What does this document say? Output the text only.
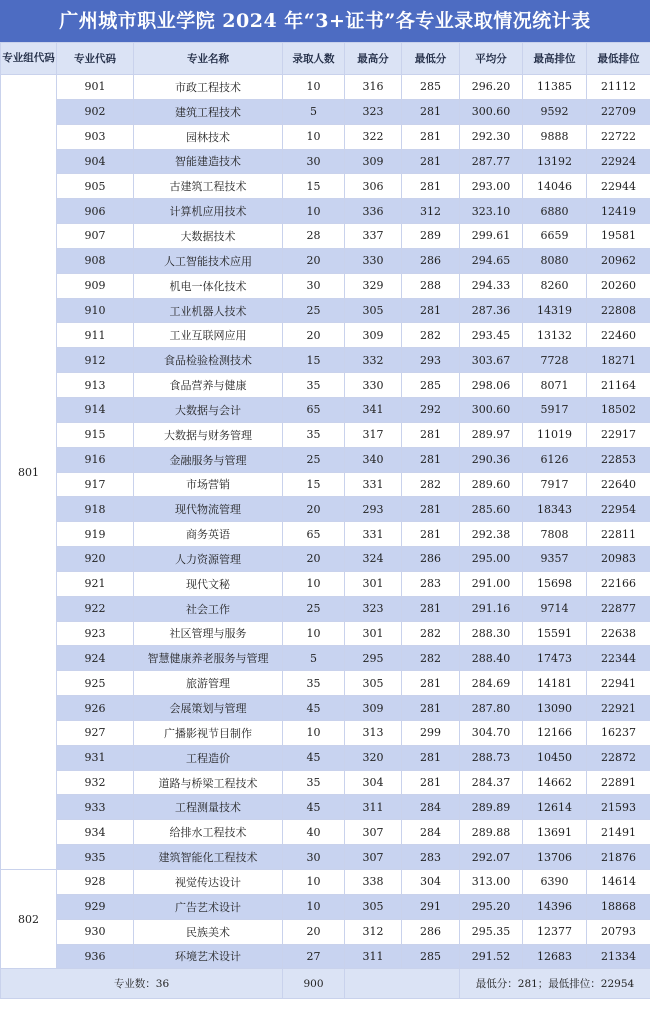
广州城市职业学院 2024 年“3+证书”各专业录取情况统计表
专业组代码	专业代码	专业名称	录取人数	最高分	最低分	平均分	最高排位	最低排位
801	901	市政工程技术	10	316	285	296.20	11385	21112
	902	建筑工程技术	5	323	281	300.60	9592	22709
	903	园林技术	10	322	281	292.30	9888	22722
	904	智能建造技术	30	309	281	287.77	13192	22924
	905	古建筑工程技术	15	306	281	293.00	14046	22944
	906	计算机应用技术	10	336	312	323.10	6880	12419
	907	大数据技术	28	337	289	299.61	6659	19581
	908	人工智能技术应用	20	330	286	294.65	8080	20962
	909	机电一体化技术	30	329	288	294.33	8260	20260
	910	工业机器人技术	25	305	281	287.36	14319	22808
	911	工业互联网应用	20	309	282	293.45	13132	22460
	912	食品检验检测技术	15	332	293	303.67	7728	18271
	913	食品营养与健康	35	330	285	298.06	8071	21164
	914	大数据与会计	65	341	292	300.60	5917	18502
	915	大数据与财务管理	35	317	281	289.97	11019	22917
	916	金融服务与管理	25	340	281	290.36	6126	22853
	917	市场营销	15	331	282	289.60	7917	22640
	918	现代物流管理	20	293	281	285.60	18343	22954
	919	商务英语	65	331	281	292.38	7808	22811
	920	人力资源管理	20	324	286	295.00	9357	20983
	921	现代文秘	10	301	283	291.00	15698	22166
	922	社会工作	25	323	281	291.16	9714	22877
	923	社区管理与服务	10	301	282	288.30	15591	22638
	924	智慧健康养老服务与管理	5	295	282	288.40	17473	22344
	925	旅游管理	35	305	281	284.69	14181	22941
	926	会展策划与管理	45	309	281	287.80	13090	22921
	927	广播影视节目制作	10	313	299	304.70	12166	16237
	931	工程造价	45	320	281	288.73	10450	22872
	932	道路与桥梁工程技术	35	304	281	284.37	14662	22891
	933	工程测量技术	45	311	284	289.89	12614	21593
	934	给排水工程技术	40	307	284	289.88	13691	21491
	935	建筑智能化工程技术	30	307	283	292.07	13706	21876
802	928	视觉传达设计	10	338	304	313.00	6390	14614
	929	广告艺术设计	10	305	291	295.20	14396	18868
	930	民族美术	20	312	286	295.35	12377	20793
	936	环境艺术设计	27	311	285	291.52	12683	21334
专业数：36			900			最低分：281；最低排位：22954		
